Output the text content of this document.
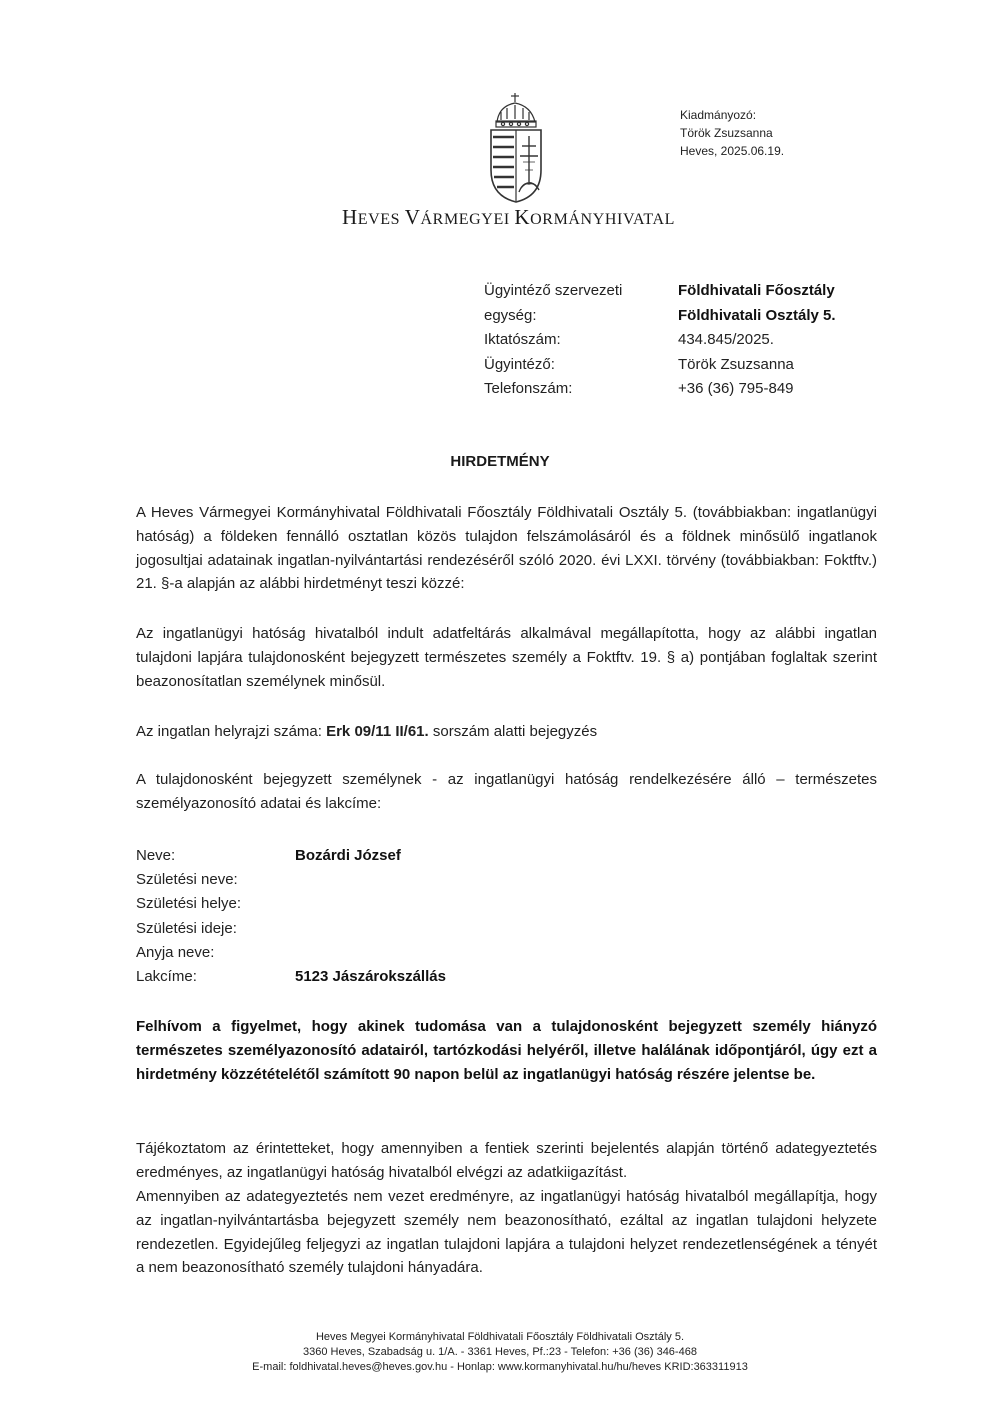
Kiadmányozó:
Török Zsuzsanna
Heves, 2025.06.19.
HEVES VÁRMEGYEI KORMÁNYHIVATAL
Ügyintéző szervezeti
egység:
Iktatószám:
Ügyintéző:
Telefonszám:
Földhivatali Főosztály
Földhivatali Osztály 5.
434.845/2025.
Török Zsuzsanna
+36 (36) 795-849
HIRDETMÉNY
A Heves Vármegyei Kormányhivatal Földhivatali Főosztály Földhivatali Osztály 5. (továbbiakban: ingatlanügyi hatóság) a földeken fennálló osztatlan közös tulajdon felszámolásáról és a földnek minősülő ingatlanok jogosultjai adatainak ingatlan-nyilvántartási rendezéséről szóló 2020. évi LXXI. törvény (továbbiakban: Foktftv.) 21. §-a alapján az alábbi hirdetményt teszi közzé:
Az ingatlanügyi hatóság hivatalból indult adatfeltárás alkalmával megállapította, hogy az alábbi ingatlan tulajdoni lapjára tulajdonosként bejegyzett természetes személy a Foktftv. 19. § a) pontjában foglaltak szerint beazonosítatlan személynek minősül.
Az ingatlan helyrajzi száma: Erk 09/11 II/61. sorszám alatti bejegyzés
A tulajdonosként bejegyzett személynek - az ingatlanügyi hatóság rendelkezésére álló – természetes személyazonosító adatai és lakcíme:
Neve:
Születési neve:
Születési helye:
Születési ideje:
Anyja neve:
Lakcíme:
Bozárdi József

5123 Jászárokszállás
Felhívom a figyelmet, hogy akinek tudomása van a tulajdonosként bejegyzett személy hiányzó természetes személyazonosító adatairól, tartózkodási helyéről, illetve halálának időpontjáról, úgy ezt a hirdetmény közzétételétől számított 90 napon belül az ingatlanügyi hatóság részére jelentse be.
Tájékoztatom az érintetteket, hogy amennyiben a fentiek szerinti bejelentés alapján történő adategyeztetés eredményes, az ingatlanügyi hatóság hivatalból elvégzi az adatkiigazítást.
Amennyiben az adategyeztetés nem vezet eredményre, az ingatlanügyi hatóság hivatalból megállapítja, hogy az ingatlan-nyilvántartásba bejegyzett személy nem beazonosítható, ezáltal az ingatlan tulajdoni helyzete rendezetlen. Egyidejűleg feljegyzi az ingatlan tulajdoni lapjára a tulajdoni helyzet rendezetlenségének a tényét a nem beazonosítható személy tulajdoni hányadára.
Heves Megyei Kormányhivatal Földhivatali Főosztály Földhivatali Osztály 5.
3360 Heves, Szabadság u. 1/A. - 3361 Heves, Pf.:23 - Telefon: +36 (36) 346-468
E-mail: foldhivatal.heves@heves.gov.hu - Honlap: www.kormanyhivatal.hu/hu/heves KRID:363311913
